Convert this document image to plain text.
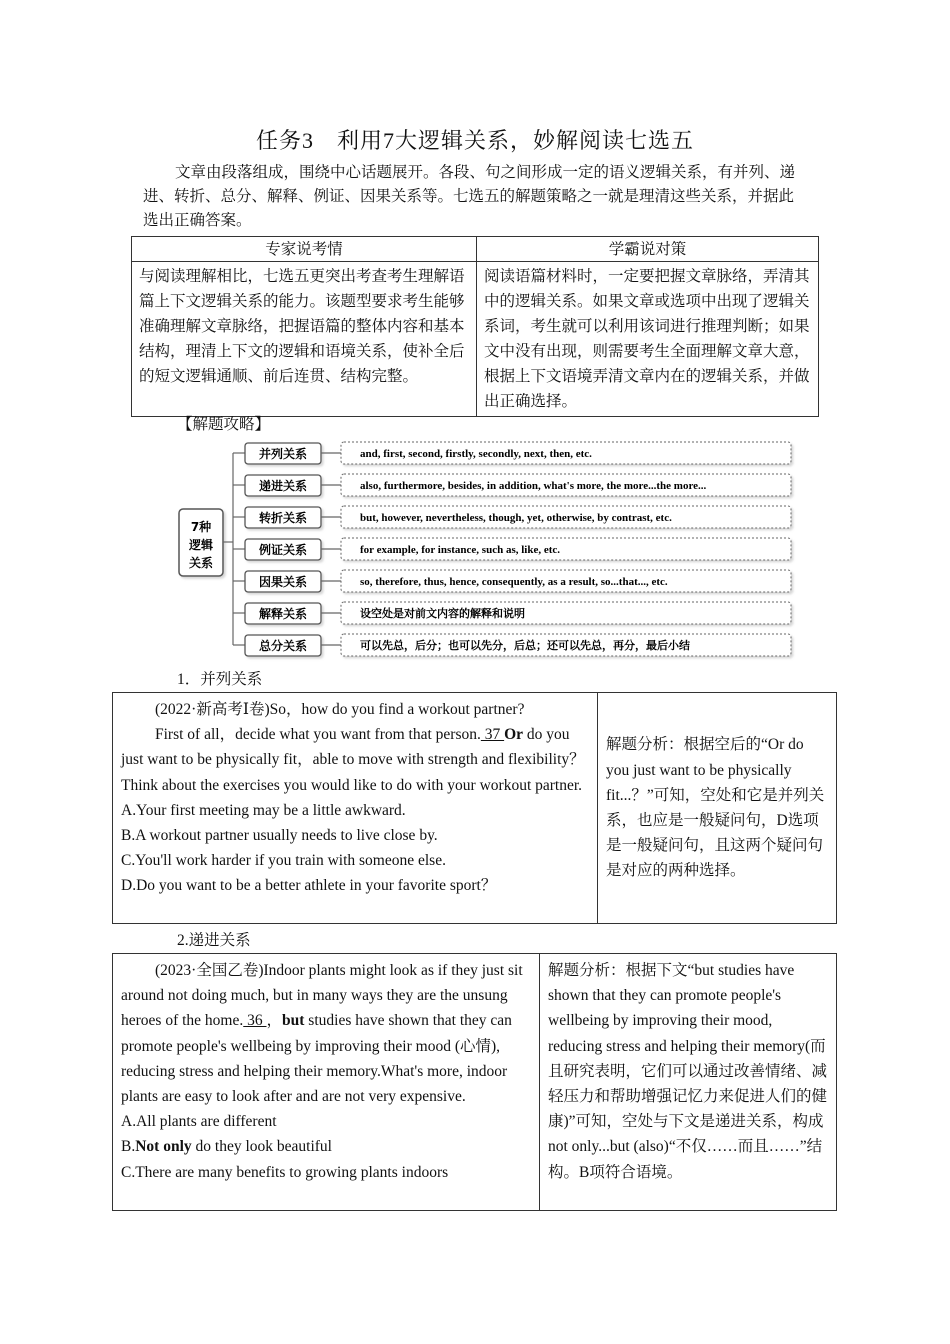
任务3　利用7大逻辑关系，妙解阅读七选五
文章由段落组成，围绕中心话题展开。各段、句之间形成一定的语义逻辑关系，有并列、递进、转折、总分、解释、例证、因果关系等。七选五的解题策略之一就是理清这些关系，并据此选出正确答案。
专家说考情	学霸说对策
与阅读理解相比，七选五更突出考查考生理解语篇上下文逻辑关系的能力。该题型要求考生能够准确理解文章脉络，把握语篇的整体内容和基本结构，理清上下文的逻辑和语境关系，使补全后的短文逻辑通顺、前后连贯、结构完整。	阅读语篇材料时，一定要把握文章脉络，弄清其中的逻辑关系。如果文章或选项中出现了逻辑关系词，考生就可以利用该词进行推理判断；如果文中没有出现，则需要考生全面理解文章大意，根据上下文语境弄清文章内在的逻辑关系，并做出正确选择。
【解题攻略】
7种
逻辑
关系
并列关系	and, first, second, firstly, secondly, next, then, etc.
递进关系	also, furthermore, besides, in addition, what's more, the more...the more...
转折关系	but, however, nevertheless, though, yet, otherwise, by contrast, etc.
例证关系	for example, for instance, such as, like, etc.
因果关系	so, therefore, thus, hence, consequently, as a result, so...that..., etc.
解释关系	设空处是对前文内容的解释和说明
总分关系	可以先总，后分；也可以先分，后总；还可以先总，再分，最后小结
1．并列关系
(2022·新高考Ⅰ卷)So，how do you find a workout partner?
First of all，decide what you want from that person. 37 Or do you just want to be physically fit，able to move with strength and flexibility？Think about the exercises you would like to do with your workout partner.
A.Your first meeting may be a little awkward.
B.A workout partner usually needs to live close by.
C.You'll work harder if you train with someone else.
D.Do you want to be a better athlete in your favorite sport？
	解题分析：根据空后的“Or do you just want to be physically fit...？”可知，空处和它是并列关系，也应是一般疑问句，D选项是一般疑问句，且这两个疑问句是对应的两种选择。
2.递进关系
(2023·全国乙卷)Indoor plants might look as if they just sit around not doing much, but in many ways they are the unsung heroes of the home. 36 ，but studies have shown that they can promote people's wellbeing by improving their mood (心情), reducing stress and helping their memory.What's more, indoor plants are easy to look after and are not very expensive.
A.All plants are different
B.Not only do they look beautiful
C.There are many benefits to growing plants indoors
	解题分析：根据下文“but studies have shown that they can promote people's wellbeing by improving their mood, reducing stress and helping their memory(而且研究表明，它们可以通过改善情绪、减轻压力和帮助增强记忆力来促进人们的健康)”可知，空处与下文是递进关系，构成not only...but (also)“不仅……而且……”结构。B项符合语境。
